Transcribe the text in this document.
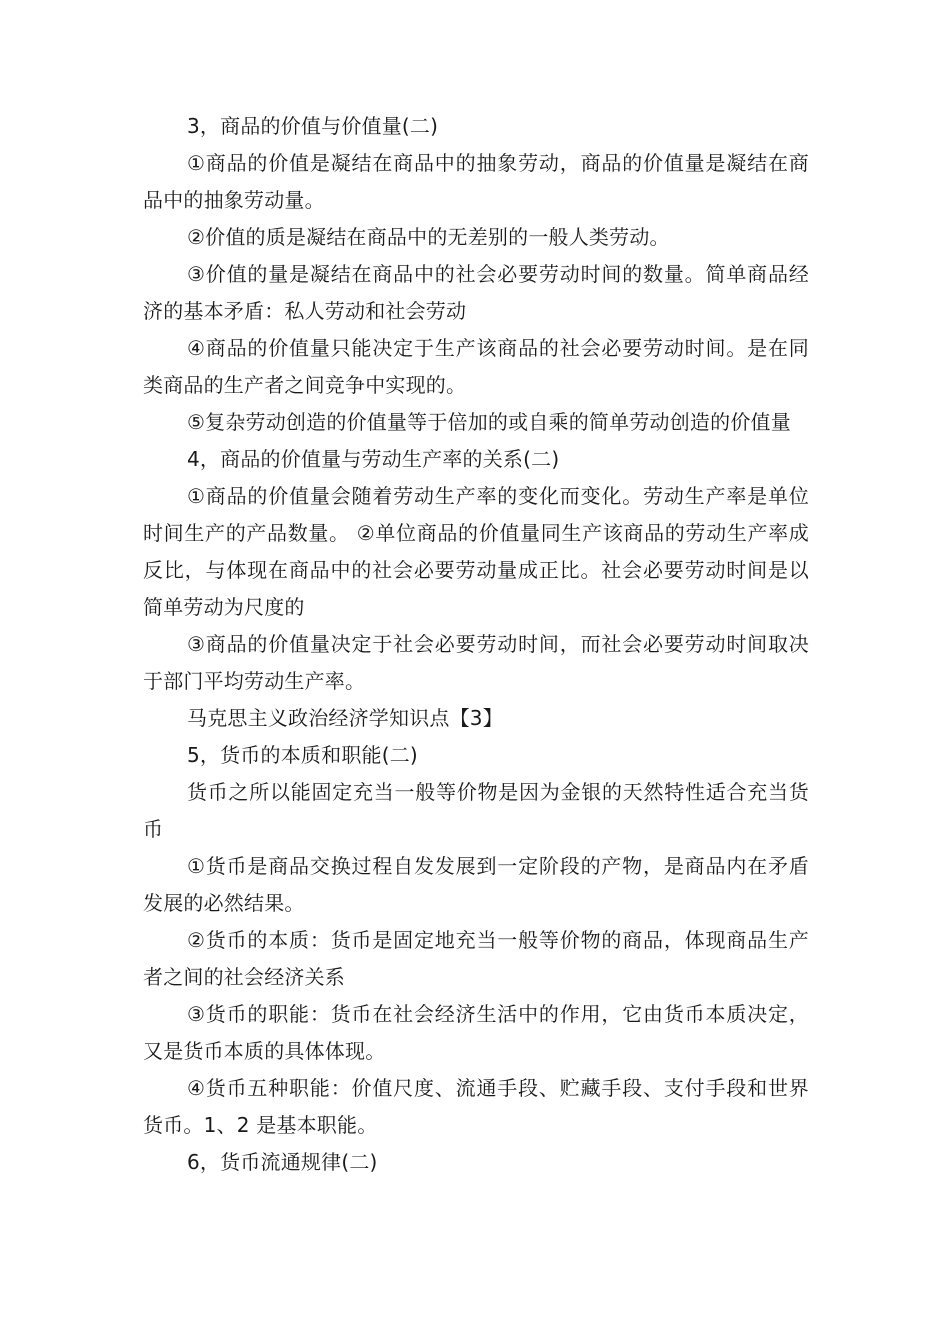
3，商品的价值与价值量(二)

①商品的价值是凝结在商品中的抽象劳动，商品的价值量是凝结在商品中的抽象劳动量。

②价值的质是凝结在商品中的无差别的一般人类劳动。

③价值的量是凝结在商品中的社会必要劳动时间的数量。简单商品经济的基本矛盾：私人劳动和社会劳动

④商品的价值量只能决定于生产该商品的社会必要劳动时间。是在同类商品的生产者之间竞争中实现的。

⑤复杂劳动创造的价值量等于倍加的或自乘的简单劳动创造的价值量

4，商品的价值量与劳动生产率的关系(二)

①商品的价值量会随着劳动生产率的变化而变化。劳动生产率是单位时间生产的产品数量。 ②单位商品的价值量同生产该商品的劳动生产率成反比，与体现在商品中的社会必要劳动量成正比。社会必要劳动时间是以简单劳动为尺度的

③商品的价值量决定于社会必要劳动时间，而社会必要劳动时间取决于部门平均劳动生产率。

马克思主义政治经济学知识点【3】

5，货币的本质和职能(二)

货币之所以能固定充当一般等价物是因为金银的天然特性适合充当货币

①货币是商品交换过程自发发展到一定阶段的产物，是商品内在矛盾发展的必然结果。

②货币的本质：货币是固定地充当一般等价物的商品，体现商品生产者之间的社会经济关系

③货币的职能：货币在社会经济生活中的作用，它由货币本质决定，又是货币本质的具体体现。

④货币五种职能：价值尺度、流通手段、贮藏手段、支付手段和世界货币。1、2 是基本职能。

6，货币流通规律(二)
